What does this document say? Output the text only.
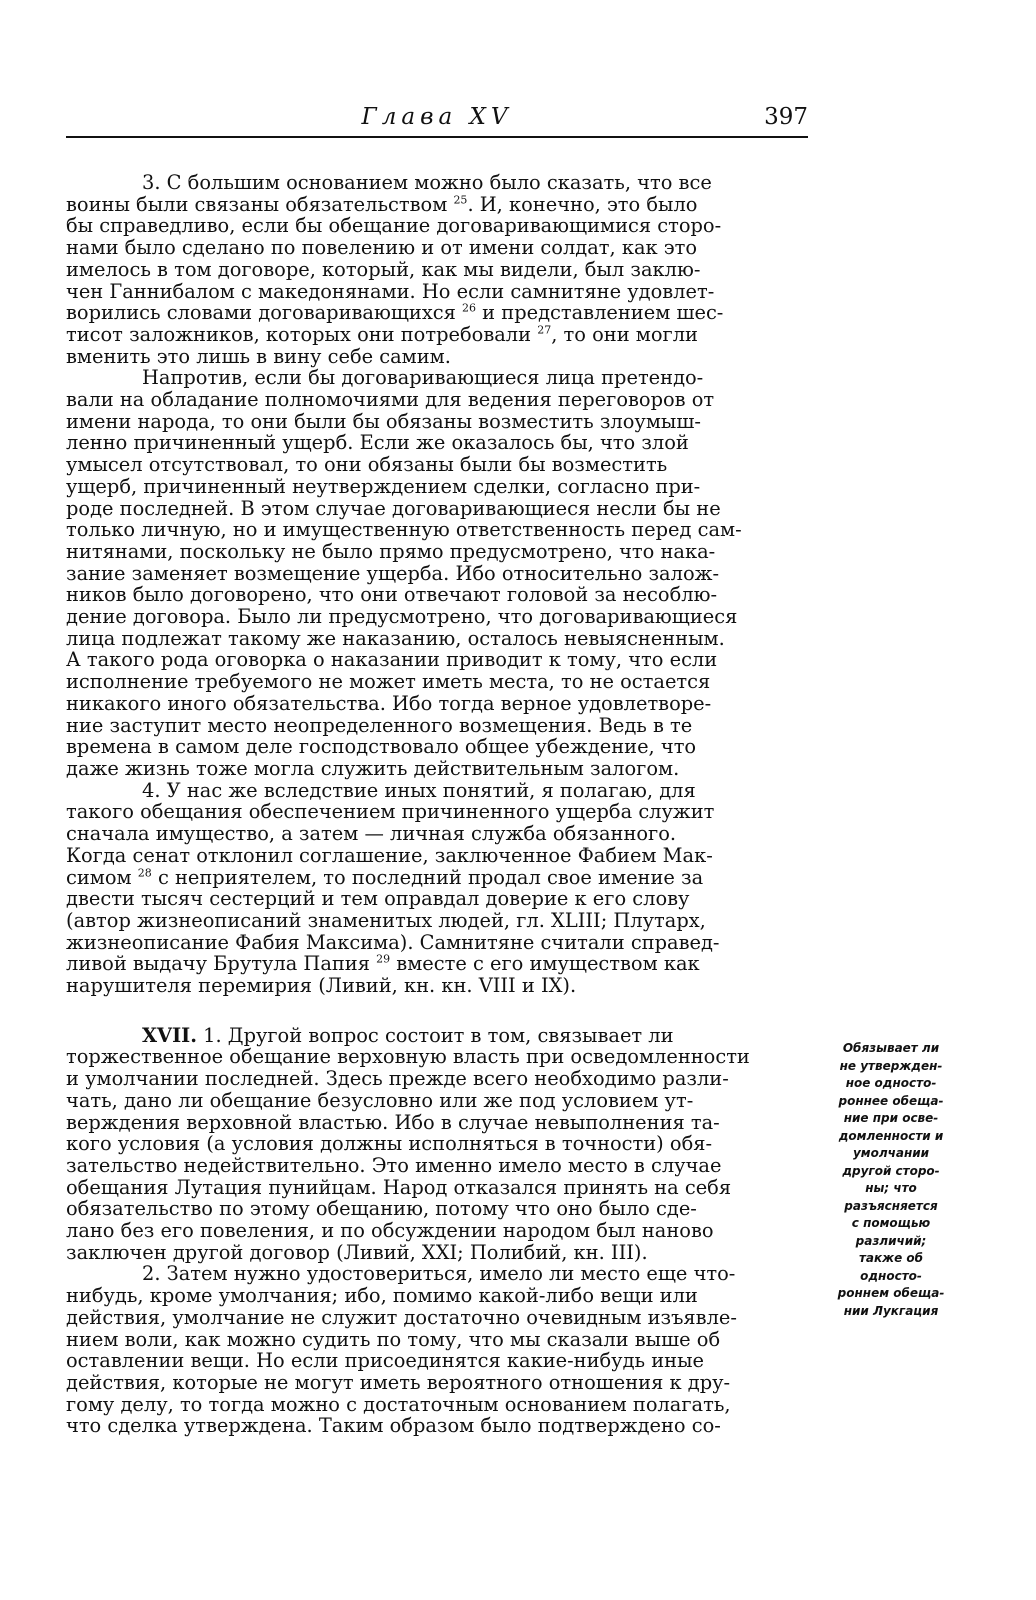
Глава XV	397
3. С большим основанием можно было сказать, что все
воины были связаны обязательством $^{25}$. И, конечно, это было
бы справедливо, если бы обещание договаривающимися сторо-
нами было сделано по повелению и от имени солдат, как это
имелось в том договоре, который, как мы видели, был заклю-
чен Ганнибалом с македонянами. Но если самнитяне удовлет-
ворились словами договаривающихся $^{26}$ и представлением шес-
тисот заложников, которых они потребовали $^{27}$, то они могли
вменить это лишь в вину себе самим.
Напротив, если бы договаривающиеся лица претендо-
вали на обладание полномочиями для ведения переговоров от
имени народа, то они были бы обязаны возместить злоумыш-
ленно причиненный ущерб. Если же оказалось бы, что злой
умысел отсутствовал, то они обязаны были бы возместить
ущерб, причиненный неутверждением сделки, согласно при-
роде последней. В этом случае договаривающиеся несли бы не
только личную, но и имущественную ответственность перед сам-
нитянами, поскольку не было прямо предусмотрено, что нака-
зание заменяет возмещение ущерба. Ибо относительно залож-
ников было договорено, что они отвечают головой за несоблю-
дение договора. Было ли предусмотрено, что договаривающиеся
лица подлежат такому же наказанию, осталось невыясненным.
А такого рода оговорка о наказании приводит к тому, что если
исполнение требуемого не может иметь места, то не остается
никакого иного обязательства. Ибо тогда верное удовлетворе-
ние заступит место неопределенного возмещения. Ведь в те
времена в самом деле господствовало общее убеждение, что
даже жизнь тоже могла служить действительным залогом.
4. У нас же вследствие иных понятий, я полагаю, для
такого обещания обеспечением причиненного ущерба служит
сначала имущество, а затем — личная служба обязанного.
Когда сенат отклонил соглашение, заключенное Фабием Мак-
симом $^{28}$ с неприятелем, то последний продал свое имение за
двести тысяч сестерций и тем оправдал доверие к его слову
(автор жизнеописаний знаменитых людей, гл. XLIII; Плутарх,
жизнеописание Фабия Максима). Самнитяне считали справед-
ливой выдачу Брутула Папия $^{29}$ вместе с его имуществом как
нарушителя перемирия (Ливий, кн. кн. VIII и IX).
XVII. 1. Другой вопрос состоит в том, связывает ли
торжественное обещание верховную власть при осведомленности
и умолчании последней. Здесь прежде всего необходимо разли-
чать, дано ли обещание безусловно или же под условием ут-
верждения верховной властью. Ибо в случае невыполнения та-
кого условия (а условия должны исполняться в точности) обя-
зательство недействительно. Это именно имело место в случае
обещания Лутация пунийцам. Народ отказался принять на себя
обязательство по этому обещанию, потому что оно было сде-
лано без его повеления, и по обсуждении народом был наново
заключен другой договор (Ливий, XXI; Полибий, кн. III).
2. Затем нужно удостовериться, имело ли место еще что-
нибудь, кроме умолчания; ибо, помимо какой-либо вещи или
действия, умолчание не служит достаточно очевидным изъявле-
нием воли, как можно судить по тому, что мы сказали выше об
оставлении вещи. Но если присоединятся какие-нибудь иные
действия, которые не могут иметь вероятного отношения к дру-
гому делу, то тогда можно с достаточным основанием полагать,
что сделка утверждена. Таким образом было подтверждено со-
Обязывает ли
не утвержден-
ное односто-
роннее обеща-
ние при осве-
домленности и
умолчании
другой сторо-
ны; что
разъясняется
с помощью
различий;
также об
односто-
роннем обеща-
нии Лукгация
